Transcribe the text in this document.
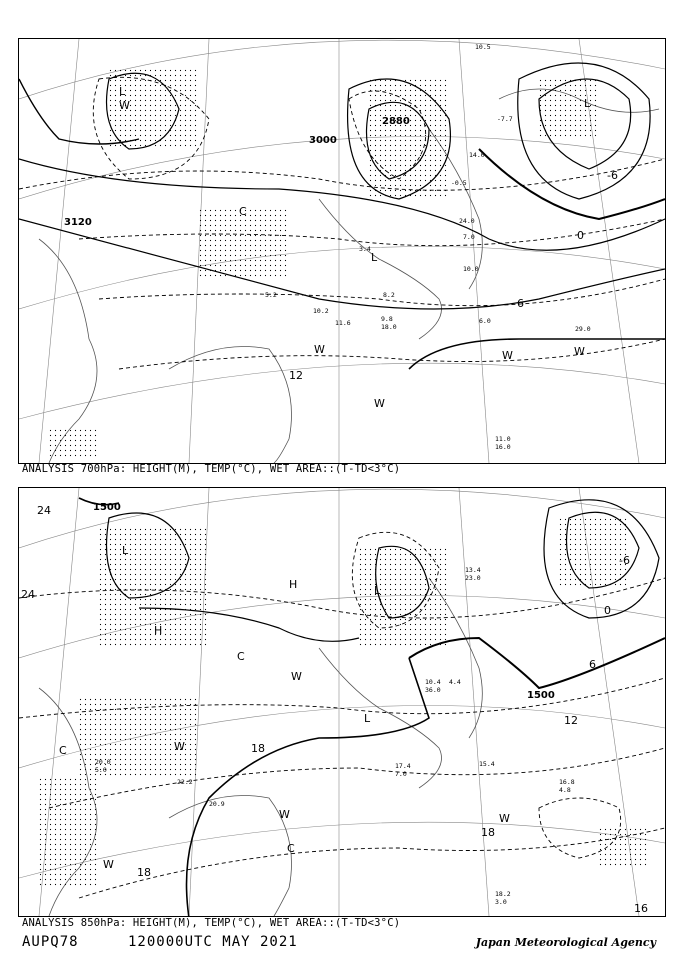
3000
2880
3120
12
0
-6
6
L
W
C
L
L
W
W
W	W
-7.7
14.0
10.5
11.0
8.2
10.2
9.8
11.6
-0.5
24.0
6.0
29.0
16.0
18.0
3.4
7.0
5.2
10.0
ANALYSIS 700hPa: HEIGHT(M), TEMP(°C), WET AREA::(T-TD<3°C)
1500
1500
24
24
18
18
12
6
0
-6
16
18
L
H
H
C
C
W
W
W
W
L
L
W
C
13.4
23.0
10.4
36.0
16.8
4.8
18.2
3.0
20.9
20.0
5.0
22.2
15.4
7.0
17.4
4.4
ANALYSIS 850hPa: HEIGHT(M), TEMP(°C), WET AREA::(T-TD<3°C)
AUPQ78	120000UTC MAY 2021	Japan Meteorological Agency
